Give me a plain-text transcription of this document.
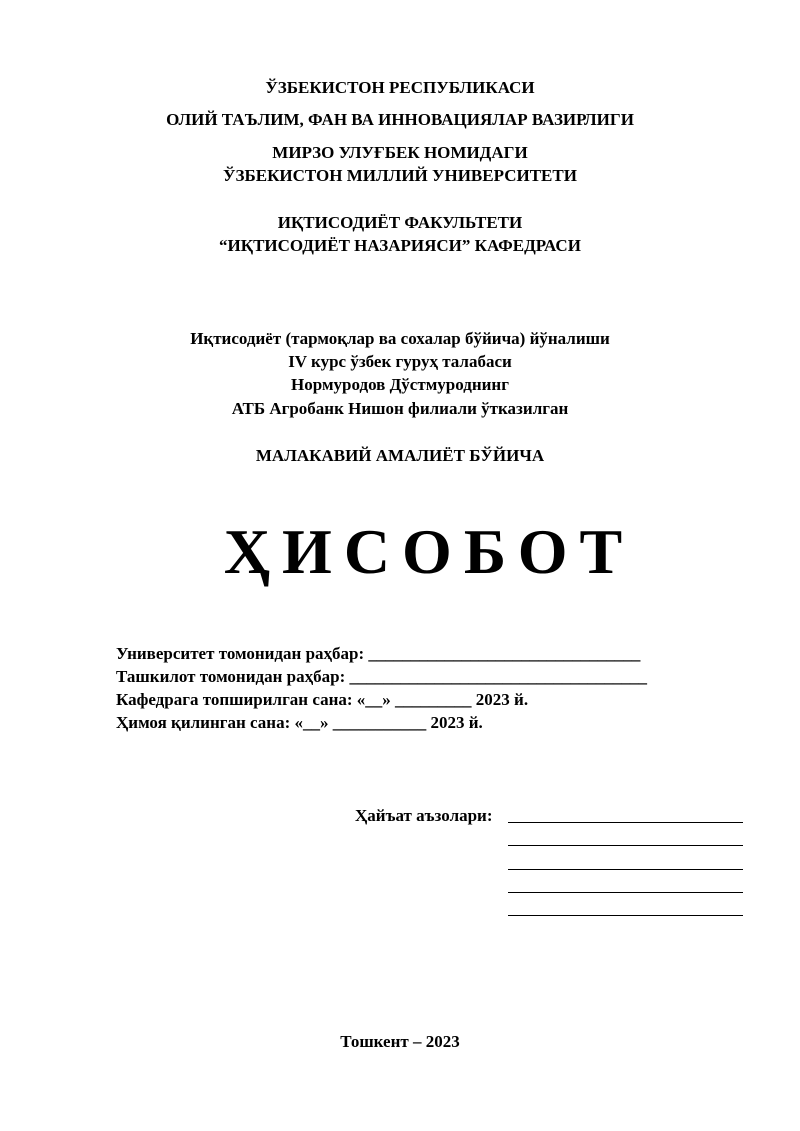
ЎЗБЕКИСТОН РЕСПУБЛИКАСИ
ОЛИЙ ТАЪЛИМ, ФАН ВА ИННОВАЦИЯЛАР ВАЗИРЛИГИ
МИРЗО УЛУҒБЕК НОМИДАГИ
ЎЗБЕКИСТОН МИЛЛИЙ УНИВЕРСИТЕТИ
ИҚТИСОДИЁТ ФАКУЛЬТЕТИ
“ИҚТИСОДИЁТ НАЗАРИЯСИ” КАФЕДРАСИ
Иқтисодиёт (тармоқлар ва сохалар бўйича) йўналиши
IV курс ўзбек гуруҳ талабаси
Нормуродов Дўстмуроднинг
АТБ Агробанк Нишон филиали ўтказилган
МАЛАКАВИЙ АМАЛИЁТ БЎЙИЧА
ҲИСОБОТ
Университет томонидан раҳбар: ________________________________
Ташкилот томонидан раҳбар: ___________________________________
Кафедрага топширилган сана: «__» _________ 2023 й.
Ҳимоя қилинган сана: «__» ___________ 2023 й.
Ҳайъат аъзолари:
Тошкент – 2023
